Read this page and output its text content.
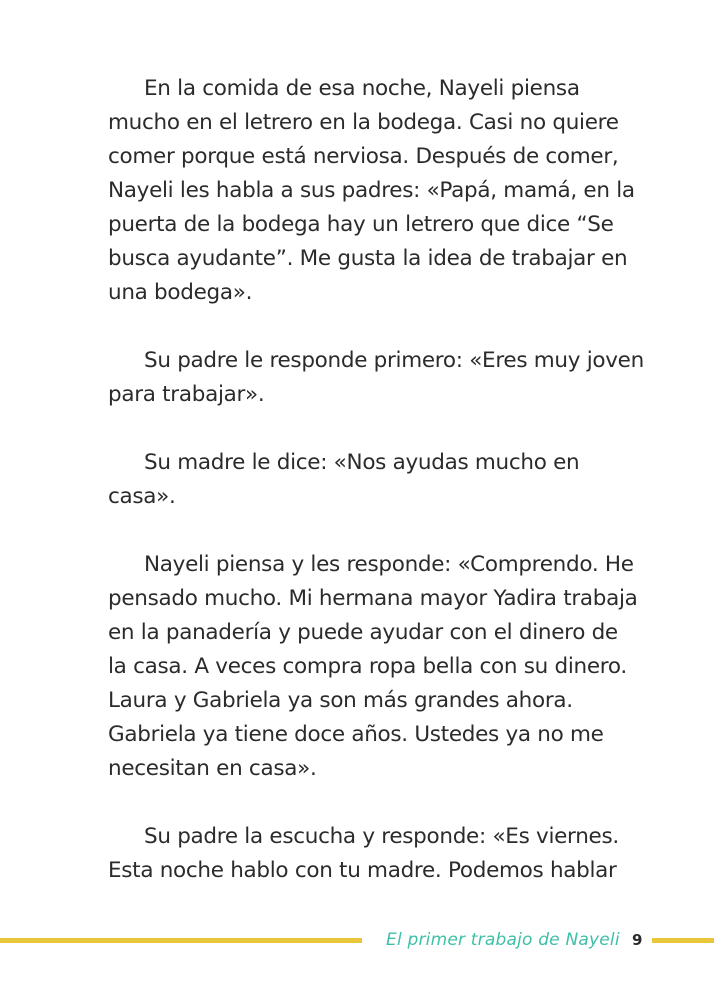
En la comida de esa noche, Nayeli piensa
mucho en el letrero en la bodega. Casi no quiere
comer porque está nerviosa. Después de comer,
Nayeli les habla a sus padres: «Papá, mamá, en la
puerta de la bodega hay un letrero que dice “Se
busca ayudante”. Me gusta la idea de trabajar en
una bodega».

Su padre le responde primero: «Eres muy joven
para trabajar».

Su madre le dice: «Nos ayudas mucho en
casa».

Nayeli piensa y les responde: «Comprendo. He
pensado mucho. Mi hermana mayor Yadira trabaja
en la panadería y puede ayudar con el dinero de
la casa. A veces compra ropa bella con su dinero.
Laura y Gabriela ya son más grandes ahora.
Gabriela ya tiene doce años. Ustedes ya no me
necesitan en casa».

Su padre la escucha y responde: «Es viernes.
Esta noche hablo con tu madre. Podemos hablar

El primer trabajo de Nayeli 9
